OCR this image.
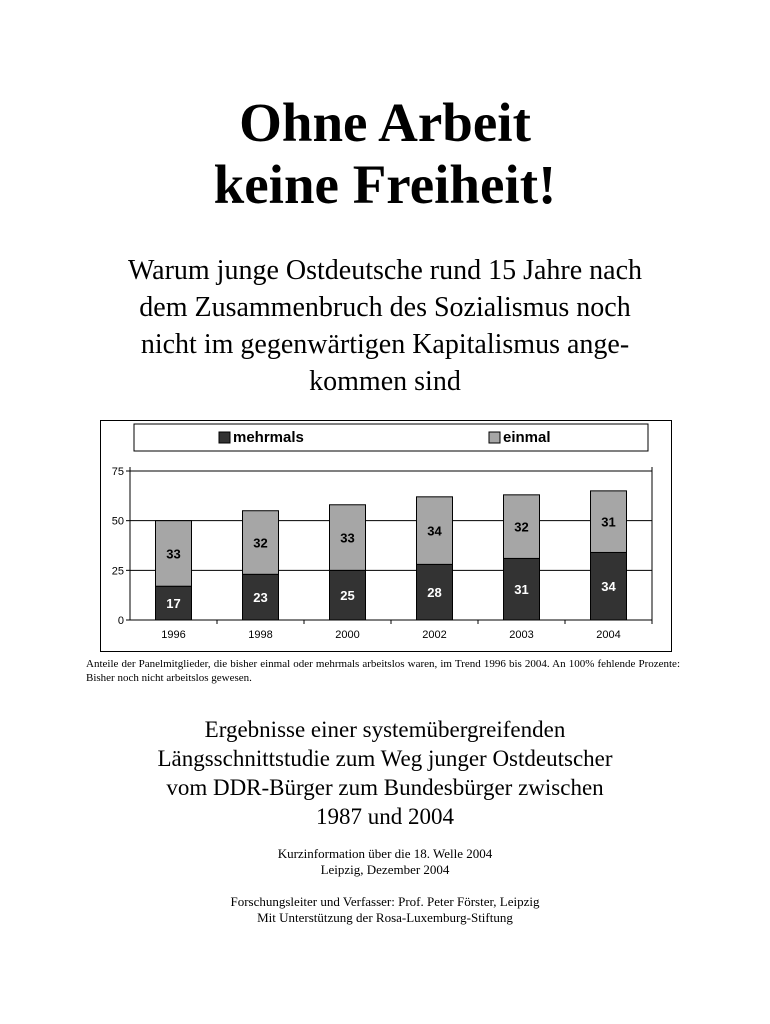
Ohne Arbeit
keine Freiheit!

Warum junge Ostdeutsche rund 15 Jahre nach
dem Zusammenbruch des Sozialismus noch
nicht im gegenwärtigen Kapitalismus ange-
kommen sind

mehrmals	einmal
0
25
50
75
17
33
1996
23
32
1998
25
33
2000
28
34
2002
31
32
2003
34
31
2004

Anteile der Panelmitglieder, die bisher einmal oder mehrmals arbeitslos waren, im Trend 1996 bis 2004. An 100% fehlende Prozente: Bisher noch nicht arbeitslos gewesen.

Ergebnisse einer systemübergreifenden
Längsschnittstudie zum Weg junger Ostdeutscher
vom DDR-Bürger zum Bundesbürger zwischen
1987 und 2004

Kurzinformation über die 18. Welle 2004
Leipzig, Dezember 2004

Forschungsleiter und Verfasser: Prof. Peter Förster, Leipzig
Mit Unterstützung der Rosa-Luxemburg-Stiftung
